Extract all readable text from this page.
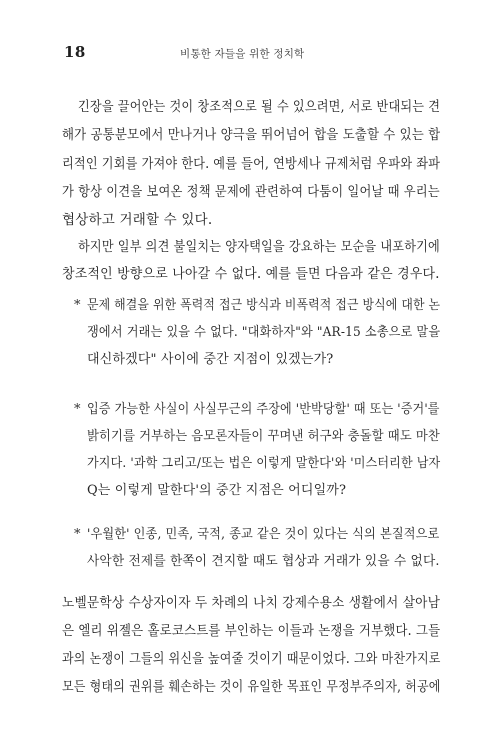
18	비통한 자들을 위한 정치학

긴장을 끌어안는 것이 창조적으로 될 수 있으려면, 서로 반대되는 견

해가 공통분모에서 만나거나 양극을 뛰어넘어 합을 도출할 수 있는 합

리적인 기회를 가져야 한다. 예를 들어, 연방세나 규제처럼 우파와 좌파

가 항상 이견을 보여온 정책 문제에 관련하여 다툼이 일어날 때 우리는

협상하고 거래할 수 있다.

하지만 일부 의견 불일치는 양자택일을 강요하는 모순을 내포하기에

창조적인 방향으로 나아갈 수 없다. 예를 들면 다음과 같은 경우다.

* 문제 해결을 위한 폭력적 접근 방식과 비폭력적 접근 방식에 대한 논

쟁에서 거래는 있을 수 없다. "대화하자"와 "AR-15 소총으로 말을

대신하겠다" 사이에 중간 지점이 있겠는가?

* 입증 가능한 사실이 사실무근의 주장에 '반박당할' 때 또는 '증거'를

밝히기를 거부하는 음모론자들이 꾸며낸 허구와 충돌할 때도 마찬

가지다. '과학 그리고/또는 법은 이렇게 말한다'와 '미스터리한 남자

Q는 이렇게 말한다'의 중간 지점은 어디일까?

* '우월한' 인종, 민족, 국적, 종교 같은 것이 있다는 식의 본질적으로

사악한 전제를 한쪽이 견지할 때도 협상과 거래가 있을 수 없다.

노벨문학상 수상자이자 두 차례의 나치 강제수용소 생활에서 살아남

은 엘리 위젤은 홀로코스트를 부인하는 이들과 논쟁을 거부했다. 그들

과의 논쟁이 그들의 위신을 높여줄 것이기 때문이었다. 그와 마찬가지로

모든 형태의 권위를 훼손하는 것이 유일한 목표인 무정부주의자, 허공에
